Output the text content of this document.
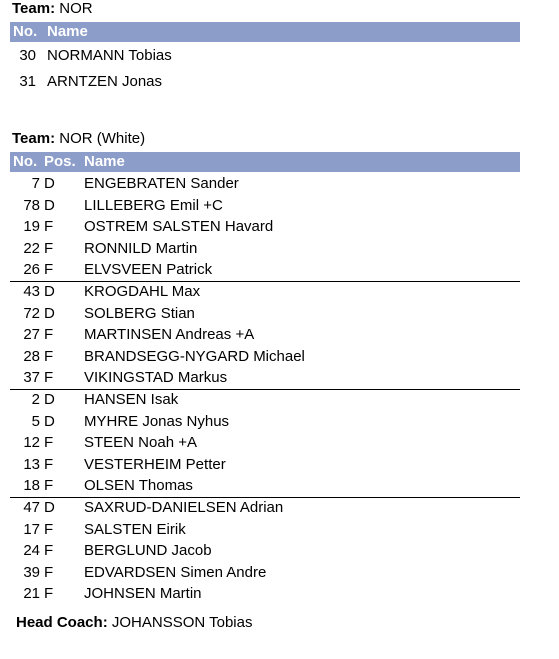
Team: NOR
No. Name
30 NORMANN Tobias
31 ARNTZEN Jonas
Team: NOR (White)
No. Pos. Name
7 D ENGEBRATEN Sander
78 D LILLEBERG Emil +C
19 F OSTREM SALSTEN Havard
22 F RONNILD Martin
26 F ELVSVEEN Patrick
43 D KROGDAHL Max
72 D SOLBERG Stian
27 F MARTINSEN Andreas +A
28 F BRANDSEGG-NYGARD Michael
37 F VIKINGSTAD Markus
2 D HANSEN Isak
5 D MYHRE Jonas Nyhus
12 F STEEN Noah +A
13 F VESTERHEIM Petter
18 F OLSEN Thomas
47 D SAXRUD-DANIELSEN Adrian
17 F SALSTEN Eirik
24 F BERGLUND Jacob
39 F EDVARDSEN Simen Andre
21 F JOHNSEN Martin
Head Coach: JOHANSSON Tobias
